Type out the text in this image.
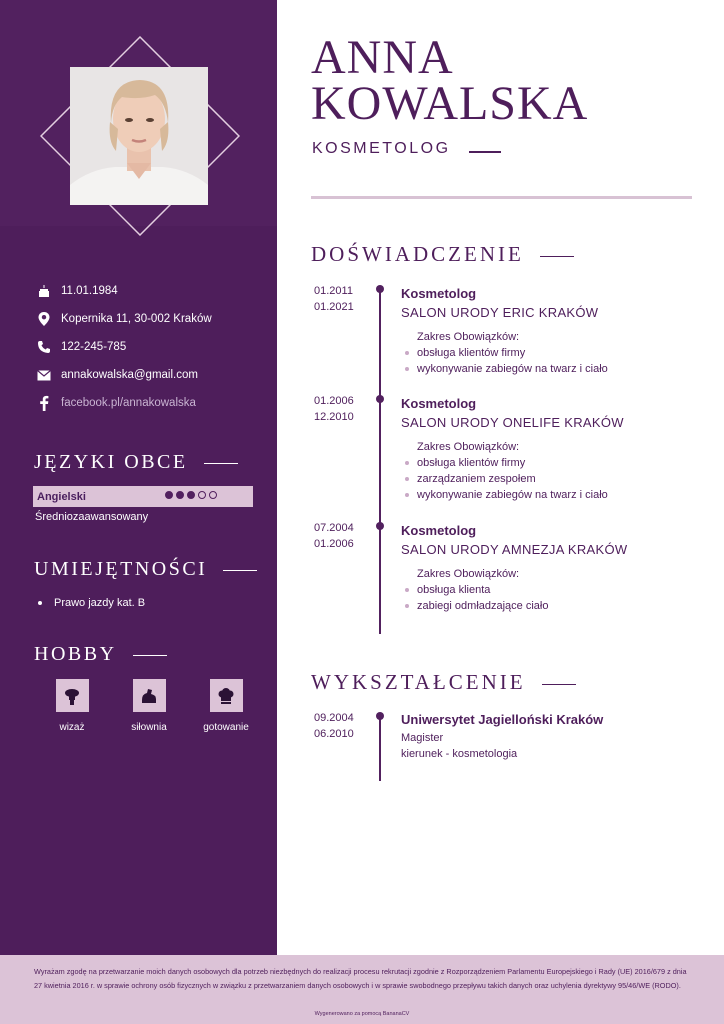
11.01.1984
Kopernika 11, 30-002 Kraków
122-245-785
annakowalska@gmail.com
facebook.pl/annakowalska
JĘZYKI OBCE
Angielski
Średniozaawansowany
UMIEJĘTNOŚCI
Prawo jazdy kat. B
HOBBY
wizaż	siłownia	gotowanie
ANNA
KOWALSKA
KOSMETOLOG
DOŚWIADCZENIE
01.2011
01.2021
Kosmetolog
SALON URODY ERIC KRAKÓW
Zakres Obowiązków:
obsługa klientów firmy
wykonywanie zabiegów na twarz i ciało
01.2006
12.2010
Kosmetolog
SALON URODY ONELIFE KRAKÓW
Zakres Obowiązków:
obsługa klientów firmy
zarządzaniem zespołem
wykonywanie zabiegów na twarz i ciało
07.2004
01.2006
Kosmetolog
SALON URODY AMNEZJA KRAKÓW
Zakres Obowiązków:
obsługa klienta
zabiegi odmładzające ciało
WYKSZTAŁCENIE
09.2004
06.2010
Uniwersytet Jagielloński Kraków
Magister
kierunek - kosmetologia
Wyrażam zgodę na przetwarzanie moich danych osobowych dla potrzeb niezbędnych do realizacji procesu rekrutacji zgodnie z Rozporządzeniem Parlamentu Europejskiego i Rady (UE) 2016/679 z dnia 27 kwietnia 2016 r. w sprawie ochrony osób fizycznych w związku z przetwarzaniem danych osobowych i w sprawie swobodnego przepływu takich danych oraz uchylenia dyrektywy 95/46/WE (RODO).
Wygenerowano za pomocą BananaCV
